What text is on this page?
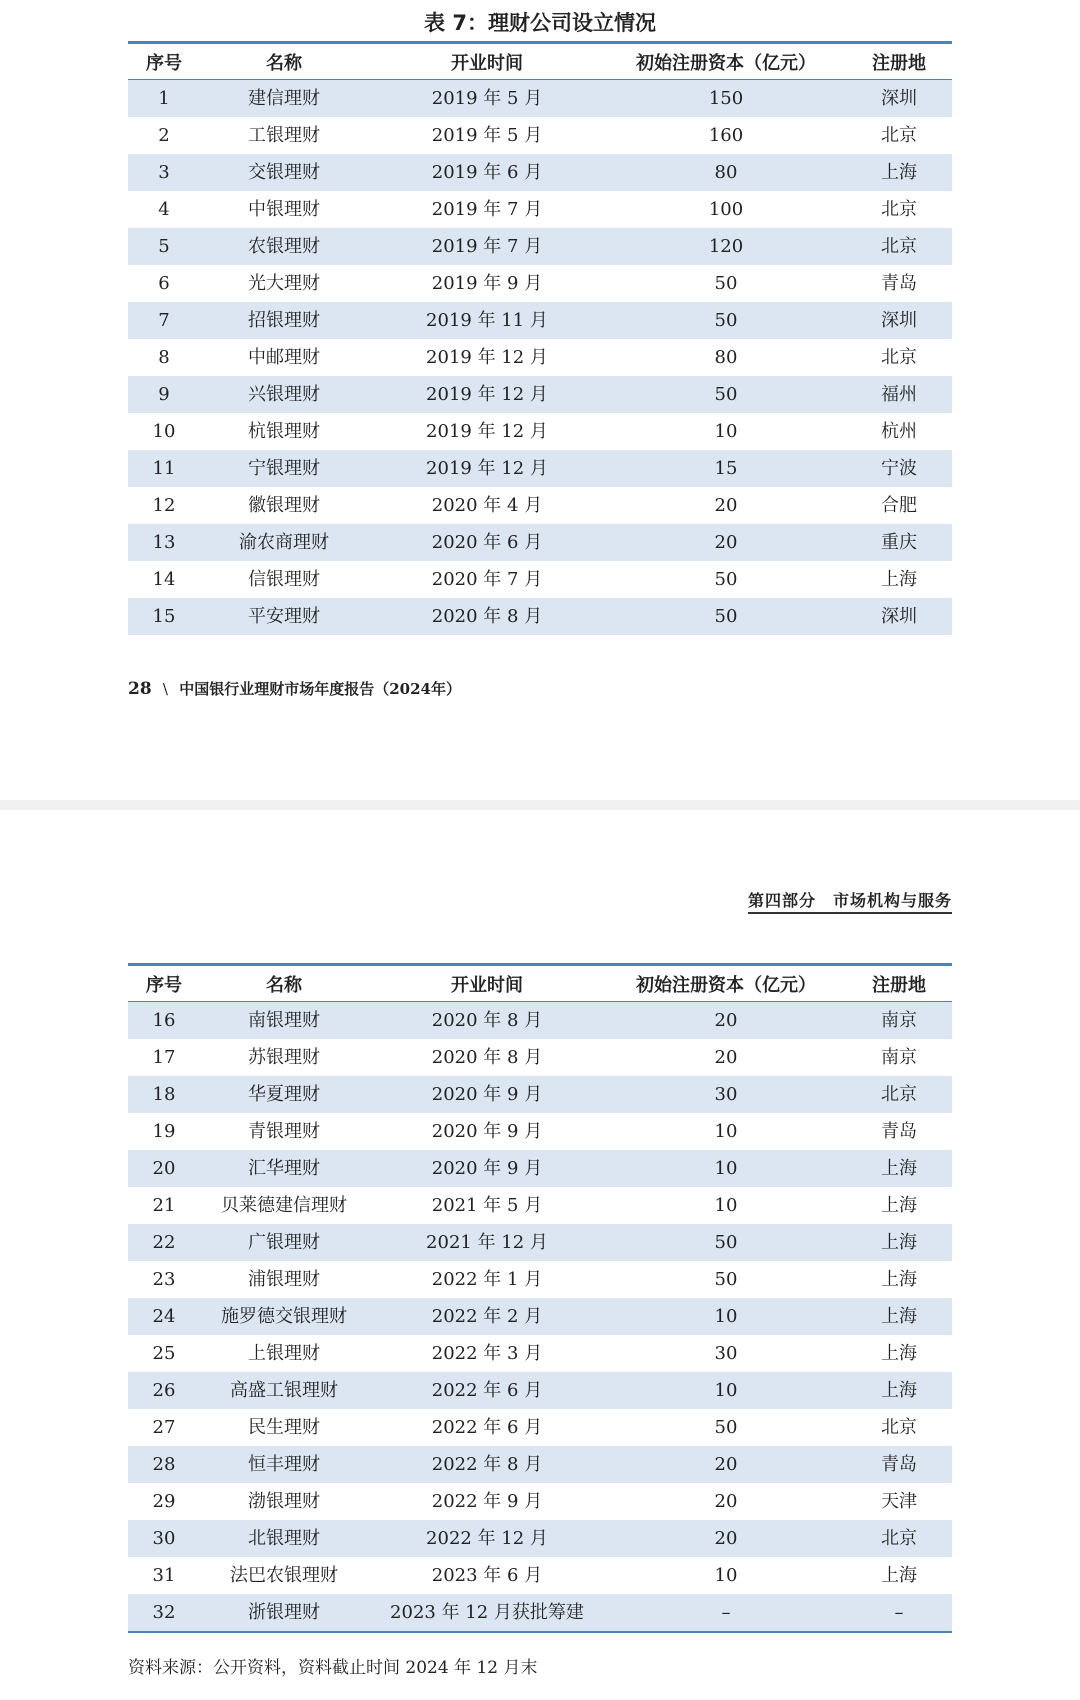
表 7：理财公司设立情况
序号	名称	开业时间	初始注册资本（亿元）	注册地
1	建信理财	2019 年 5 月	150	深圳
2	工银理财	2019 年 5 月	160	北京
3	交银理财	2019 年 6 月	80	上海
4	中银理财	2019 年 7 月	100	北京
5	农银理财	2019 年 7 月	120	北京
6	光大理财	2019 年 9 月	50	青岛
7	招银理财	2019 年 11 月	50	深圳
8	中邮理财	2019 年 12 月	80	北京
9	兴银理财	2019 年 12 月	50	福州
10	杭银理财	2019 年 12 月	10	杭州
11	宁银理财	2019 年 12 月	15	宁波
12	徽银理财	2020 年 4 月	20	合肥
13	渝农商理财	2020 年 6 月	20	重庆
14	信银理财	2020 年 7 月	50	上海
15	平安理财	2020 年 8 月	50	深圳
28 \ 中国银行业理财市场年度报告（2024年）
第四部分　市场机构与服务
序号	名称	开业时间	初始注册资本（亿元）	注册地
16	南银理财	2020 年 8 月	20	南京
17	苏银理财	2020 年 8 月	20	南京
18	华夏理财	2020 年 9 月	30	北京
19	青银理财	2020 年 9 月	10	青岛
20	汇华理财	2020 年 9 月	10	上海
21	贝莱德建信理财	2021 年 5 月	10	上海
22	广银理财	2021 年 12 月	50	上海
23	浦银理财	2022 年 1 月	50	上海
24	施罗德交银理财	2022 年 2 月	10	上海
25	上银理财	2022 年 3 月	30	上海
26	高盛工银理财	2022 年 6 月	10	上海
27	民生理财	2022 年 6 月	50	北京
28	恒丰理财	2022 年 8 月	20	青岛
29	渤银理财	2022 年 9 月	20	天津
30	北银理财	2022 年 12 月	20	北京
31	法巴农银理财	2023 年 6 月	10	上海
32	浙银理财	2023 年 12 月获批筹建	–	–
资料来源：公开资料，资料截止时间 2024 年 12 月末
